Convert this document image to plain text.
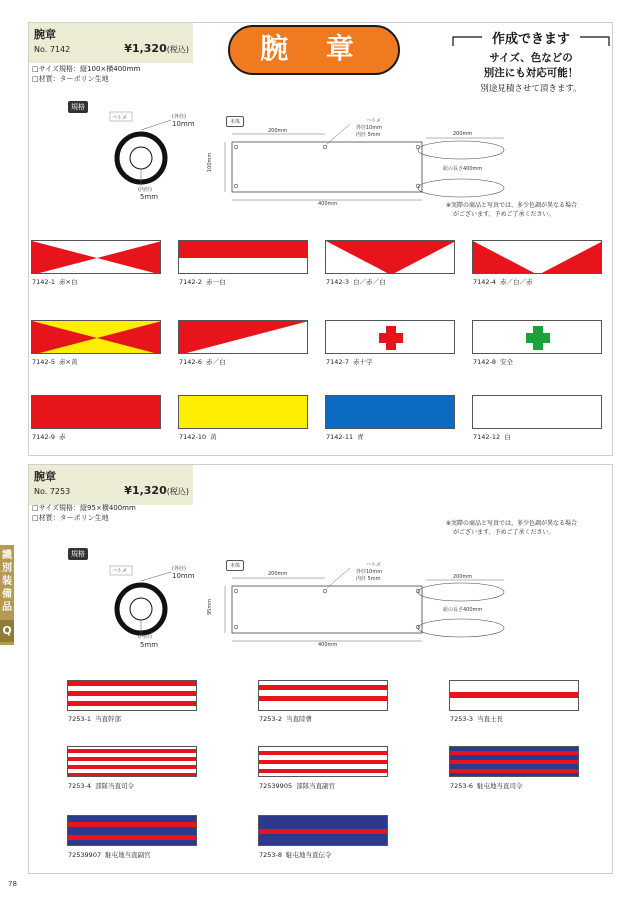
腕 章	作成できます
サイズ、色などの
別注にも対応可能！
別途見積させて頂きます。
識別装備品
Q
腕章
No. 7142	¥1,320(税込)
□サイズ規格：縦100×横400mm
□材質：ターポリン生地
規格
ハトメ	(外径)
10mm
(内径)
5mm
本体
200mm	200mm
400mm
100mm
ハトメ
外径10mm
内径 5mm
紐の長さ400mm
※実際の商品と写真では、多少色調が異なる場合
がございます。予めご了承ください。
7142-1 赤×白	7142-2 赤一白	7142-3 白／赤／白	7142-4 赤／白／赤
7142-5 赤×黄	7142-6 赤／白	7142-7 赤十字	7142-8 安全
7142-9 赤	7142-10 黄	7142-11 青	7142-12 白
腕章
No. 7253	¥1,320(税込)
□サイズ規格：縦95×横400mm
□材質：ターポリン生地
※実際の商品と写真では、多少色調が異なる場合
がございます。予めご了承ください。
規格
ハトメ	(外径)
10mm
(内径)
5mm
本体
200mm	200mm
400mm
95mm
ハトメ
外径10mm
内径 5mm
紐の長さ400mm
7253-1 当直幹部	7253-2 当直陸曹	7253-3 当直士長
7253-4 部隊当直司令	72539905 部隊当直副官	7253-6 駐屯地当直司令
72539907 駐屯地当直副官	7253-8 駐屯地当直伝令
78
